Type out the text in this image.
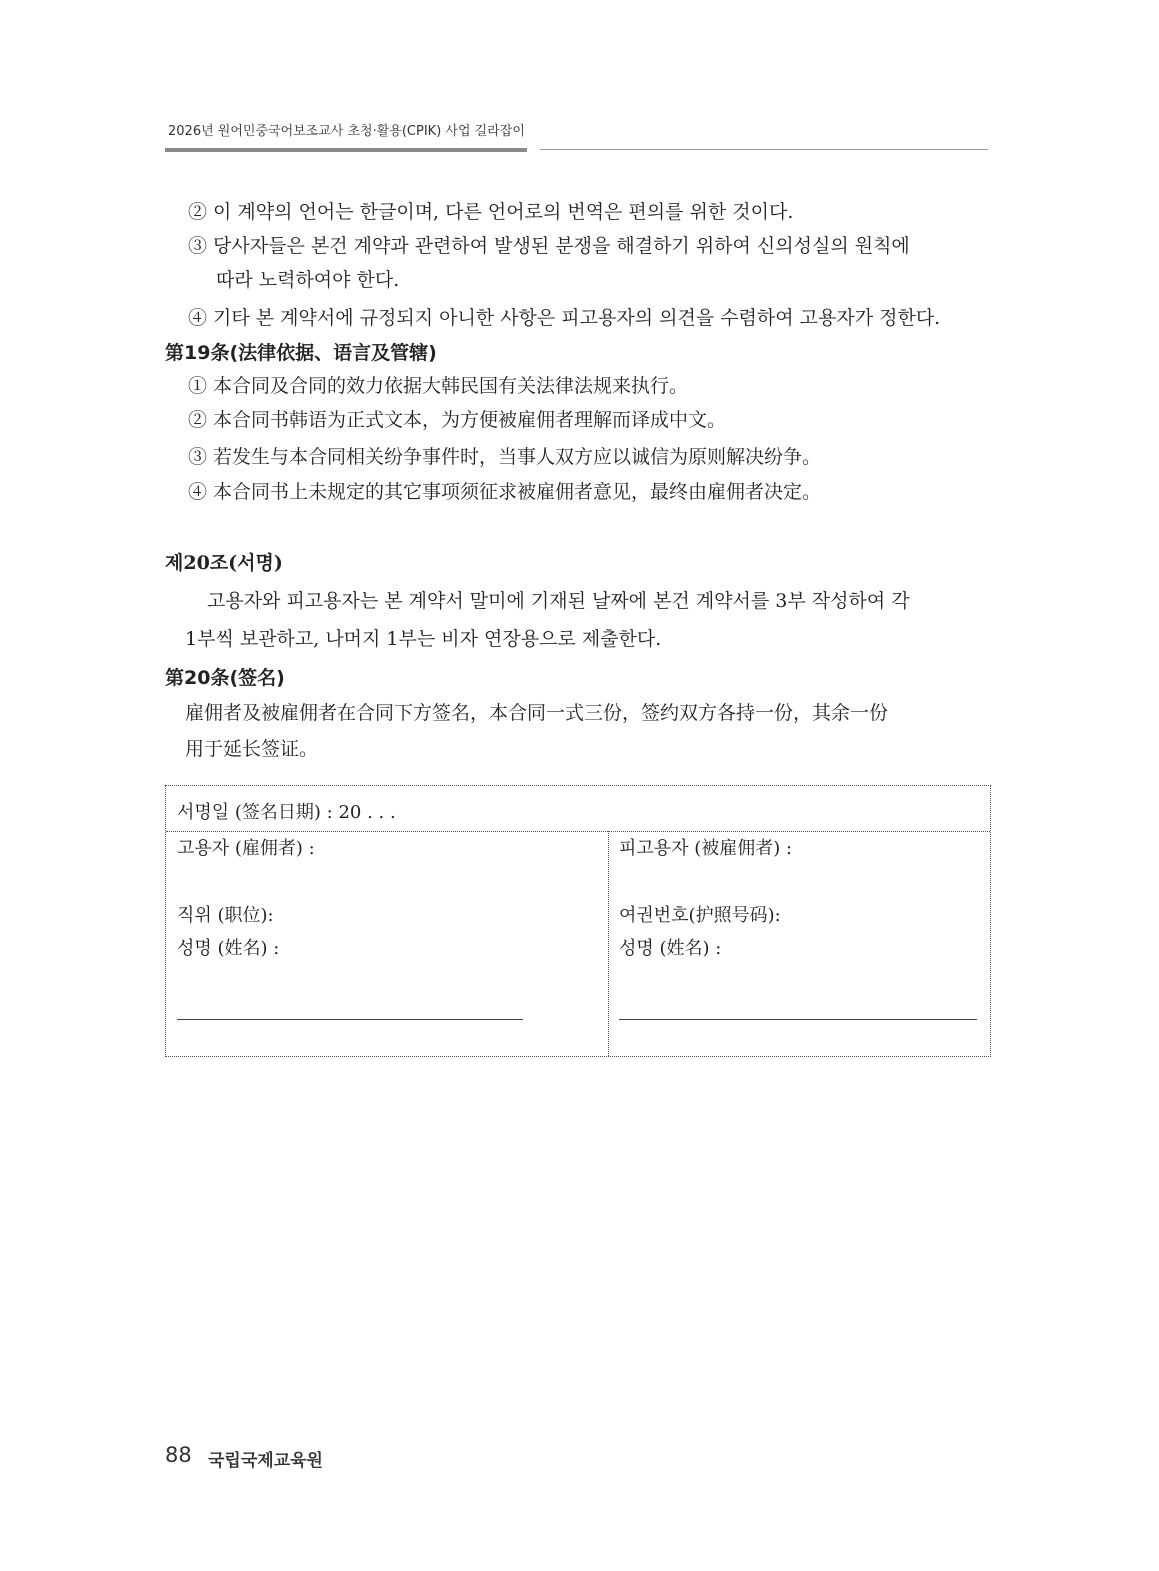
2026년 원어민중국어보조교사 초청·활용(CPIK) 사업 길라잡이
② 이 계약의 언어는 한글이며, 다른 언어로의 번역은 편의를 위한 것이다.
③ 당사자들은 본건 계약과 관련하여 발생된 분쟁을 해결하기 위하여 신의성실의 원칙에
따라 노력하여야 한다.
④ 기타 본 계약서에 규정되지 아니한 사항은 피고용자의 의견을 수렴하여 고용자가 정한다.
第19条(法律依据、语言及管辖)
① 本合同及合同的效力依据大韩民国有关法律法规来执行。
② 本合同书韩语为正式文本，为方便被雇佣者理解而译成中文。
③ 若发生与本合同相关纷争事件时，当事人双方应以诚信为原则解决纷争。
④ 本合同书上未规定的其它事项须征求被雇佣者意见，最终由雇佣者决定。
제20조(서명)
고용자와 피고용자는 본 계약서 말미에 기재된 날짜에 본건 계약서를 3부 작성하여 각
1부씩 보관하고, 나머지 1부는 비자 연장용으로 제출한다.
第20条(签名)
雇佣者及被雇佣者在合同下方签名，本合同一式三份，签约双方各持一份，其余一份
用于延长签证。
서명일 (签名日期) : 20 . . .
고용자 (雇佣者) :
직위 (职位):
성명 (姓名) :
피고용자 (被雇佣者) :
여권번호(护照号码):
성명 (姓名) :
88 국립국제교육원
